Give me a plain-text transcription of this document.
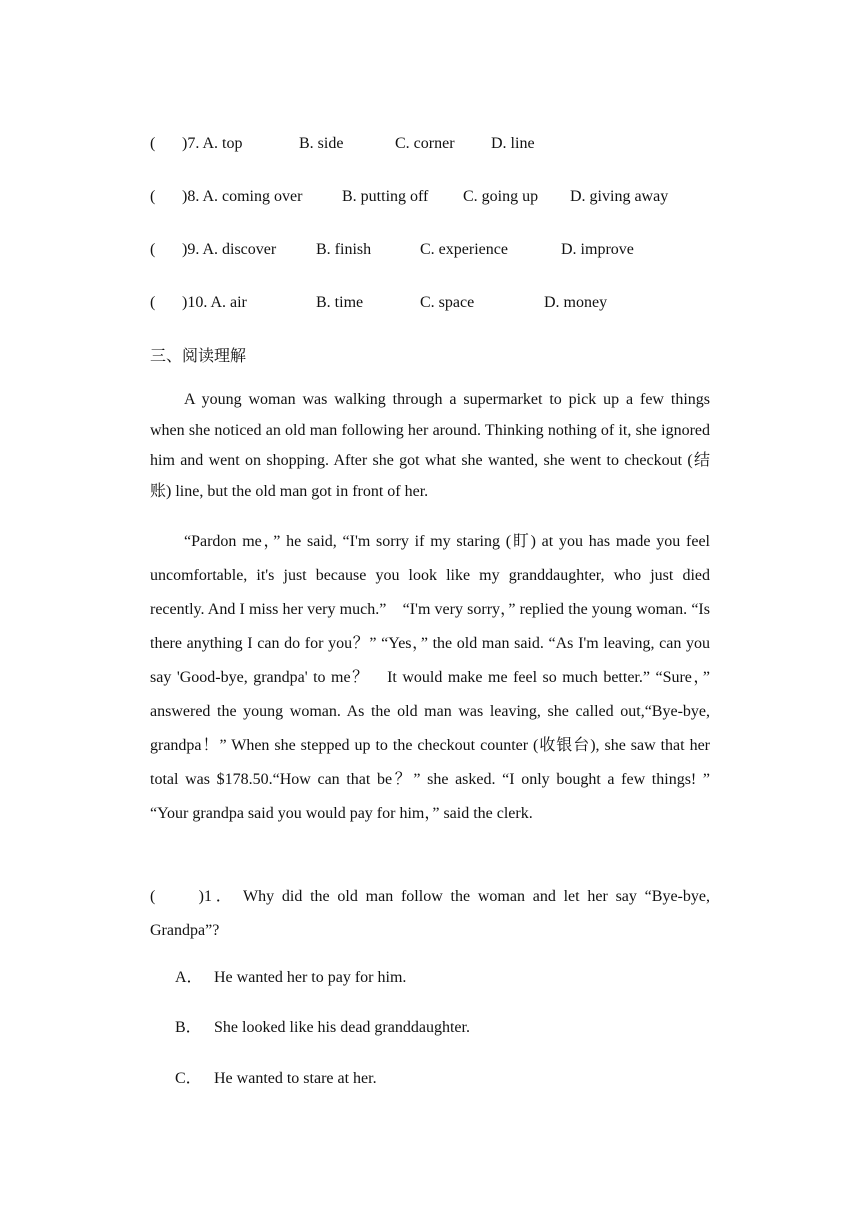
( )7. A. top	B. side	C. corner D. line
( )8. A. coming over B. putting off C. going up D. giving away
( )9. A. discover B. finish	C. experience	D. improve
( )10. A. air	B. time	C. space	D. money
三、阅读理解

A young woman was walking through a supermarket to pick up a few things when she noticed an old man following her around. Thinking nothing of it, she ignored him and went on shopping. After she got what she wanted, she went to checkout (结账) line, but the old man got in front of her.

“Pardon me，” he said, “I'm sorry if my staring (盯) at you has made you feel uncomfortable, it's just because you look like my granddaughter, who just died recently. And I miss her very much.”　“I'm very sorry，” replied the young woman. “Is there anything I can do for you？” “Yes，” the old man said. “As I'm leaving, can you say 'Good-bye, grandpa' to me？　It would make me feel so much better.” “Sure，” answered the young woman. As the old man was leaving, she called out,“Bye-bye, grandpa！” When she stepped up to the checkout counter (收银台), she saw that her total was $178.50.“How can that be？” she asked. “I only bought a few things! ” “Your grandpa said you would pay for him，” said the clerk.

(　　)1． Why did the old man follow the woman and let her say “Bye-bye, Grandpa”?
A． He wanted her to pay for him.
B． She looked like his dead granddaughter.
C． He wanted to stare at her.
